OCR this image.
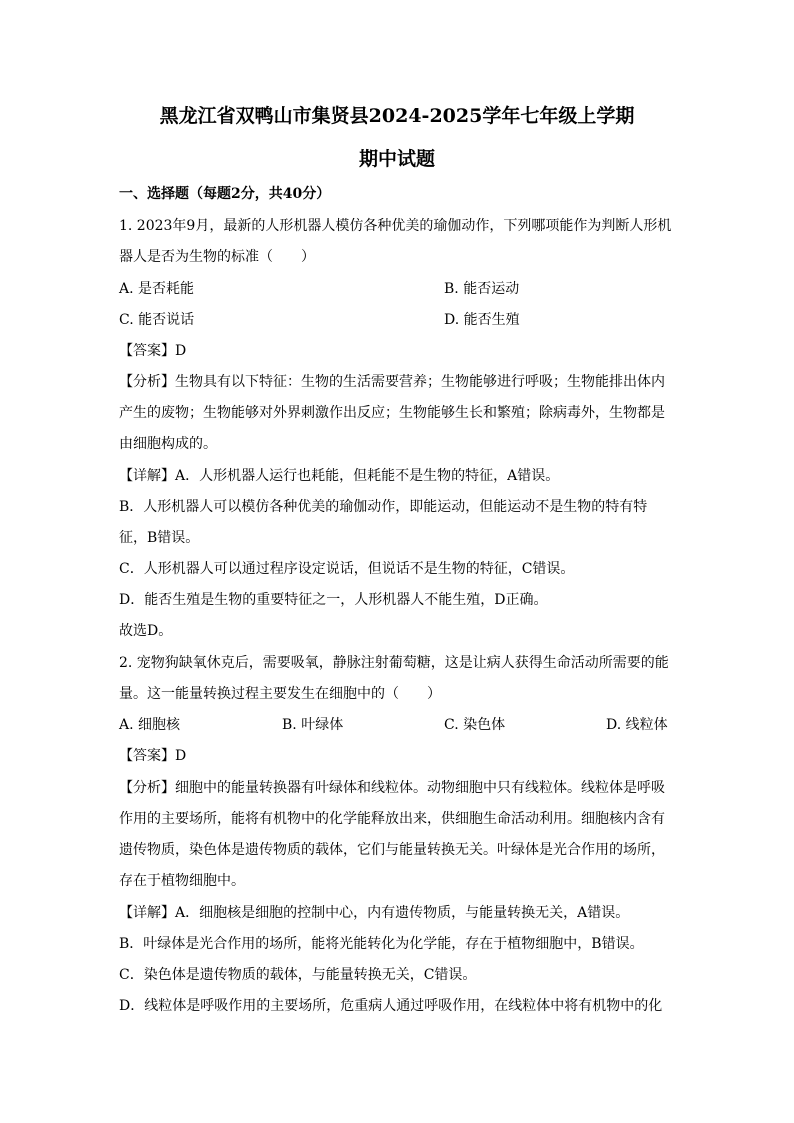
黑龙江省双鸭山市集贤县2024-2025学年七年级上学期
期中试题
一、选择题（每题2分，共40分）
1. 2023年9月，最新的人形机器人模仿各种优美的瑜伽动作，下列哪项能作为判断人形机
器人是否为生物的标准（　　）
A. 是否耗能	B. 能否运动
C. 能否说话	D. 能否生殖
【答案】D
【分析】生物具有以下特征：生物的生活需要营养；生物能够进行呼吸；生物能排出体内
产生的废物；生物能够对外界刺激作出反应；生物能够生长和繁殖；除病毒外，生物都是
由细胞构成的。
【详解】A．人形机器人运行也耗能，但耗能不是生物的特征，A错误。
B．人形机器人可以模仿各种优美的瑜伽动作，即能运动，但能运动不是生物的特有特
征，B错误。
C．人形机器人可以通过程序设定说话，但说话不是生物的特征，C错误。
D．能否生殖是生物的重要特征之一，人形机器人不能生殖，D正确。
故选D。
2. 宠物狗缺氧休克后，需要吸氧，静脉注射葡萄糖，这是让病人获得生命活动所需要的能
量。这一能量转换过程主要发生在细胞中的（　　）
A. 细胞核	B. 叶绿体	C. 染色体	D. 线粒体
【答案】D
【分析】细胞中的能量转换器有叶绿体和线粒体。动物细胞中只有线粒体。线粒体是呼吸
作用的主要场所，能将有机物中的化学能释放出来，供细胞生命活动利用。细胞核内含有
遗传物质，染色体是遗传物质的载体，它们与能量转换无关。叶绿体是光合作用的场所，
存在于植物细胞中。
【详解】A．细胞核是细胞的控制中心，内有遗传物质，与能量转换无关，A错误。
B．叶绿体是光合作用的场所，能将光能转化为化学能，存在于植物细胞中，B错误。
C．染色体是遗传物质的载体，与能量转换无关，C错误。
D．线粒体是呼吸作用的主要场所，危重病人通过呼吸作用，在线粒体中将有机物中的化
